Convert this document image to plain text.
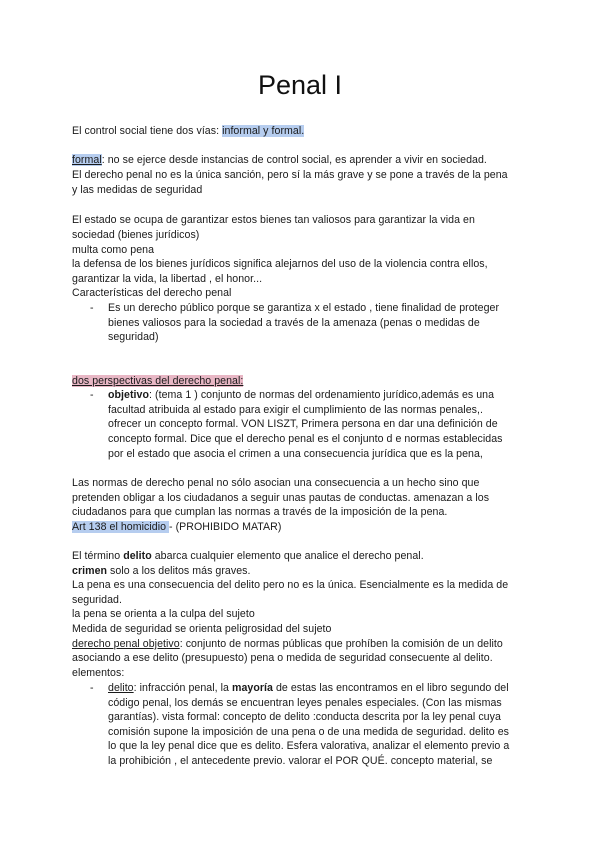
Penal I
El control social tiene dos vías: informal y formal.
formal: no se ejerce desde instancias de control social, es aprender a vivir en sociedad.
El derecho penal no es la única sanción, pero sí la más grave y se pone a través de la pena
y las medidas de seguridad
El estado se ocupa de garantizar estos bienes tan valiosos para garantizar la vida en
sociedad (bienes jurídicos)
multa como pena
la defensa de los bienes jurídicos significa alejarnos del uso de la violencia contra ellos,
garantizar la vida, la libertad , el honor...
Características del derecho penal
- Es un derecho público porque se garantiza x el estado , tiene finalidad de proteger
bienes valiosos para la sociedad a través de la amenaza (penas o medidas de
seguridad)
dos perspectivas del derecho penal:
- objetivo: (tema 1 ) conjunto de normas del ordenamiento jurídico,además es una
facultad atribuida al estado para exigir el cumplimiento de las normas penales,.
ofrecer un concepto formal. VON LISZT, Primera persona en dar una definición de
concepto formal. Dice que el derecho penal es el conjunto d e normas establecidas
por el estado que asocia el crimen a una consecuencia jurídica que es la pena,
Las normas de derecho penal no sólo asocian una consecuencia a un hecho sino que
pretenden obligar a los ciudadanos a seguir unas pautas de conductas. amenazan a los
ciudadanos para que cumplan las normas a través de la imposición de la pena.
Art 138 el homicidio - (PROHIBIDO MATAR)
El término delito abarca cualquier elemento que analice el derecho penal.
crimen solo a los delitos más graves.
La pena es una consecuencia del delito pero no es la única. Esencialmente es la medida de
seguridad.
la pena se orienta a la culpa del sujeto
Medida de seguridad se orienta peligrosidad del sujeto
derecho penal objetivo: conjunto de normas públicas que prohíben la comisión de un delito
asociando a ese delito (presupuesto) pena o medida de seguridad consecuente al delito.
elementos:
- delito: infracción penal, la mayoría de estas las encontramos en el libro segundo del
código penal, los demás se encuentran leyes penales especiales. (Con las mismas
garantías). vista formal: concepto de delito :conducta descrita por la ley penal cuya
comisión supone la imposición de una pena o de una medida de seguridad. delito es
lo que la ley penal dice que es delito. Esfera valorativa, analizar el elemento previo a
la prohibición , el antecedente previo. valorar el POR QUÉ. concepto material, se
